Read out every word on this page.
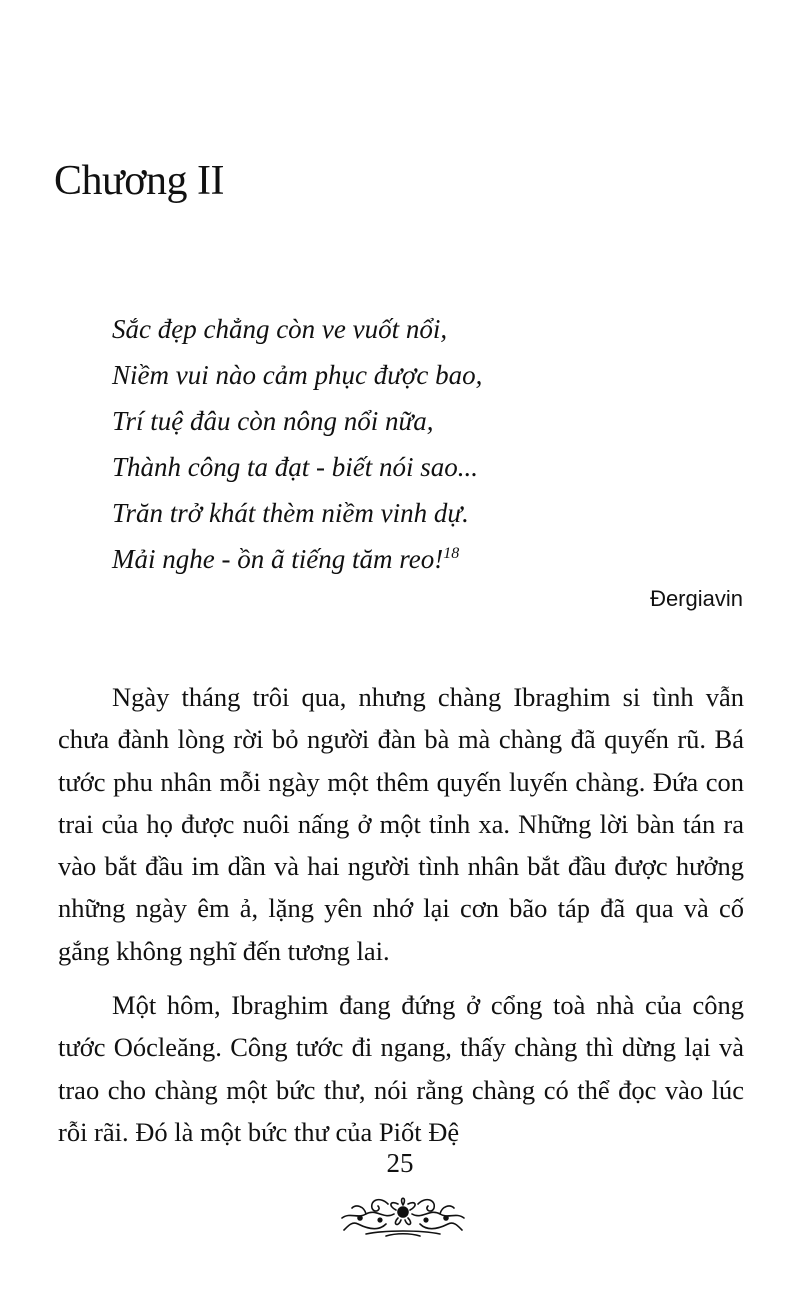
Chương II
Sắc đẹp chẳng còn ve vuốt nổi,
Niềm vui nào cảm phục được bao,
Trí tuệ đâu còn nông nổi nữa,
Thành công ta đạt - biết nói sao...
Trăn trở khát thèm niềm vinh dự.
Mải nghe - ồn ã tiếng tăm reo!$^{18}$
Đergiavin

Ngày tháng trôi qua, nhưng chàng Ibraghim si tình vẫn chưa đành lòng rời bỏ người đàn bà mà chàng đã quyến rũ. Bá tước phu nhân mỗi ngày một thêm quyến luyến chàng. Đứa con trai của họ được nuôi nấng ở một tỉnh xa. Những lời bàn tán ra vào bắt đầu im dần và hai người tình nhân bắt đầu được hưởng những ngày êm ả, lặng yên nhớ lại cơn bão táp đã qua và cố gắng không nghĩ đến tương lai.

Một hôm, Ibraghim đang đứng ở cổng toà nhà của công tước Oócleăng. Công tước đi ngang, thấy chàng thì dừng lại và trao cho chàng một bức thư, nói rằng chàng có thể đọc vào lúc rỗi rãi. Đó là một bức thư của Piốt Đệ

25
